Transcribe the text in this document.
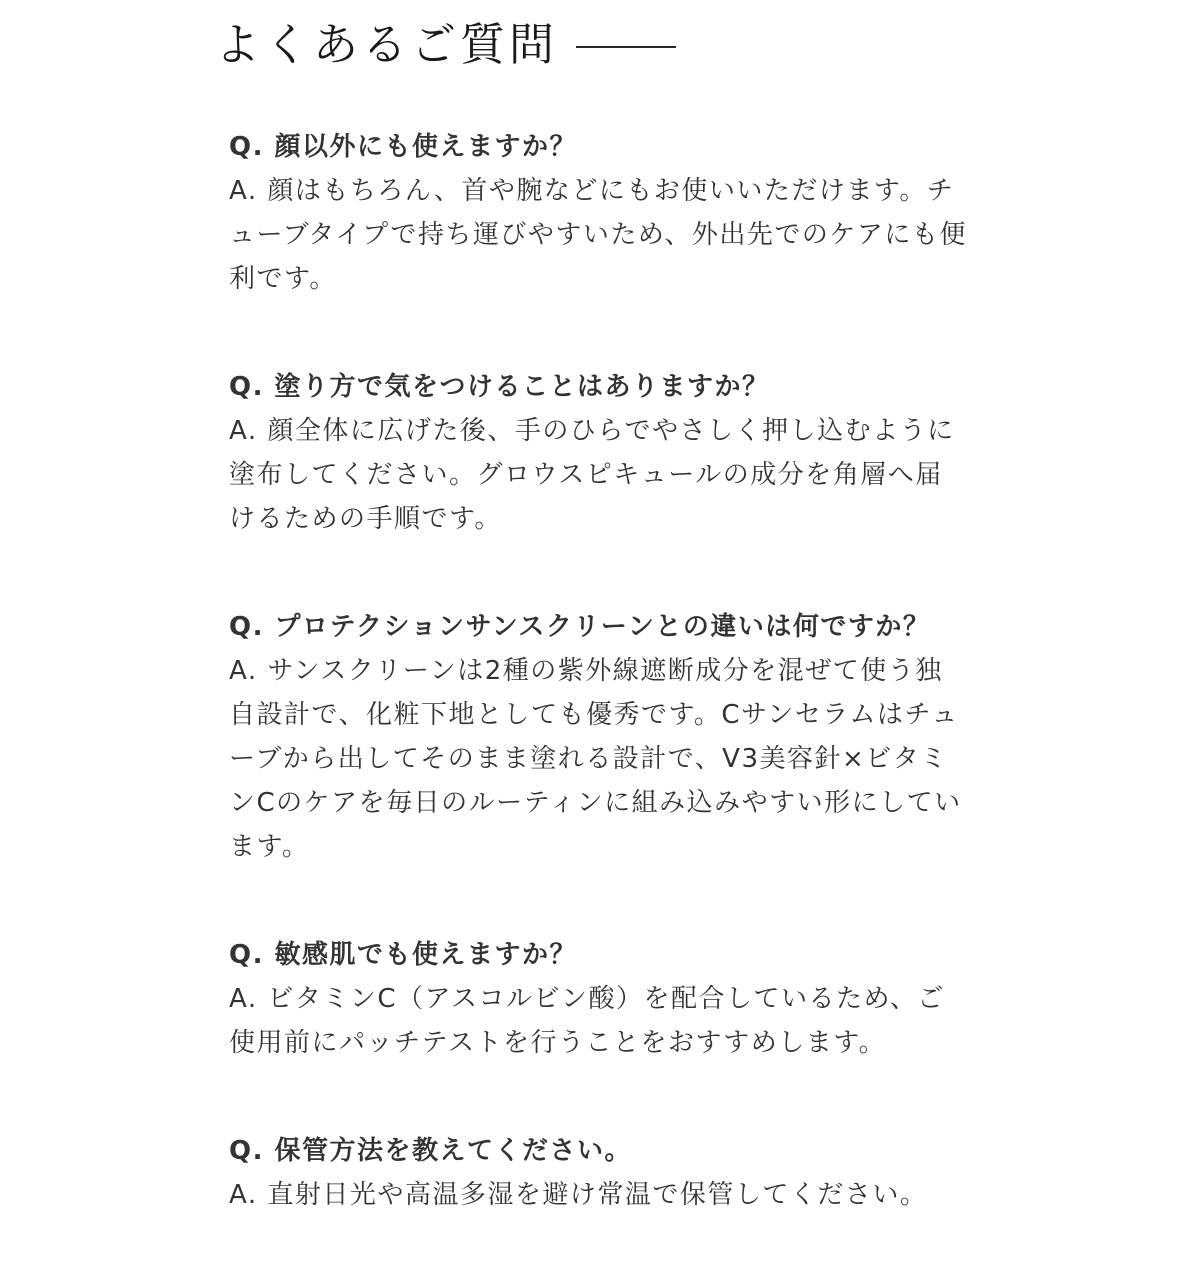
よくあるご質問

Q. 顔以外にも使えますか？

A. 顔はもちろん、首や腕などにもお使いいただけます。チューブタイプで持ち運びやすいため、外出先でのケアにも便利です。

Q. 塗り方で気をつけることはありますか？

A. 顔全体に広げた後、手のひらでやさしく押し込むように塗布してください。グロウスピキュールの成分を角層へ届けるための手順です。

Q. プロテクションサンスクリーンとの違いは何ですか？

A. サンスクリーンは2種の紫外線遮断成分を混ぜて使う独自設計で、化粧下地としても優秀です。Cサンセラムはチューブから出してそのまま塗れる設計で、V3美容針×ビタミンCのケアを毎日のルーティンに組み込みやすい形にしています。

Q. 敏感肌でも使えますか？

A. ビタミンC（アスコルビン酸）を配合しているため、ご使用前にパッチテストを行うことをおすすめします。

Q. 保管方法を教えてください。

A. 直射日光や高温多湿を避け常温で保管してください。
